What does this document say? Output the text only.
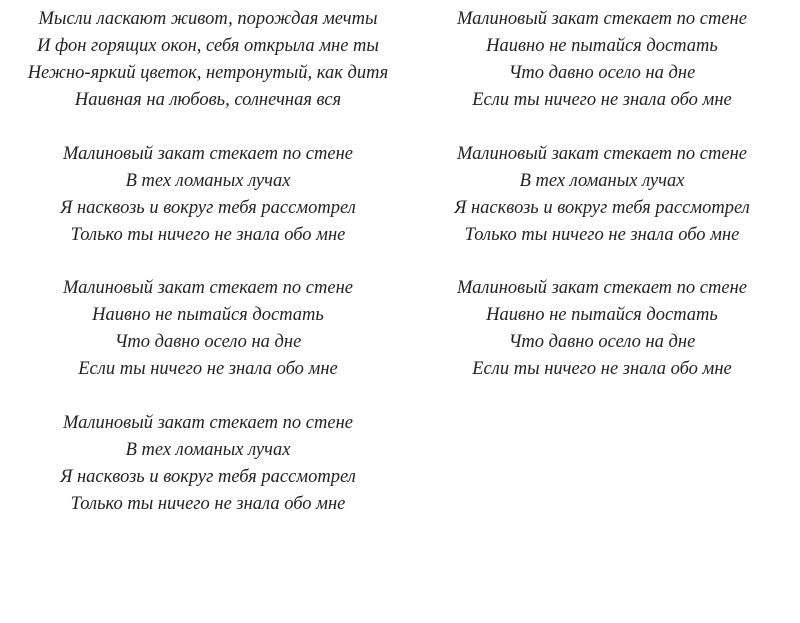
Мысли ласкают живот, порождая мечты
И фон горящих окон, себя открыла мне ты
Нежно-яркий цветок, нетронутый, как дитя
Наивная на любовь, солнечная вся
Малиновый закат стекает по стене
В тех ломаных лучах
Я насквозь и вокруг тебя рассмотрел
Только ты ничего не знала обо мне
Малиновый закат стекает по стене
Наивно не пытайся достать
Что давно осело на дне
Если ты ничего не знала обо мне
Малиновый закат стекает по стене
В тех ломаных лучах
Я насквозь и вокруг тебя рассмотрел
Только ты ничего не знала обо мне
Малиновый закат стекает по стене
Наивно не пытайся достать
Что давно осело на дне
Если ты ничего не знала обо мне
Малиновый закат стекает по стене
В тех ломаных лучах
Я насквозь и вокруг тебя рассмотрел
Только ты ничего не знала обо мне
Малиновый закат стекает по стене
Наивно не пытайся достать
Что давно осело на дне
Если ты ничего не знала обо мне
